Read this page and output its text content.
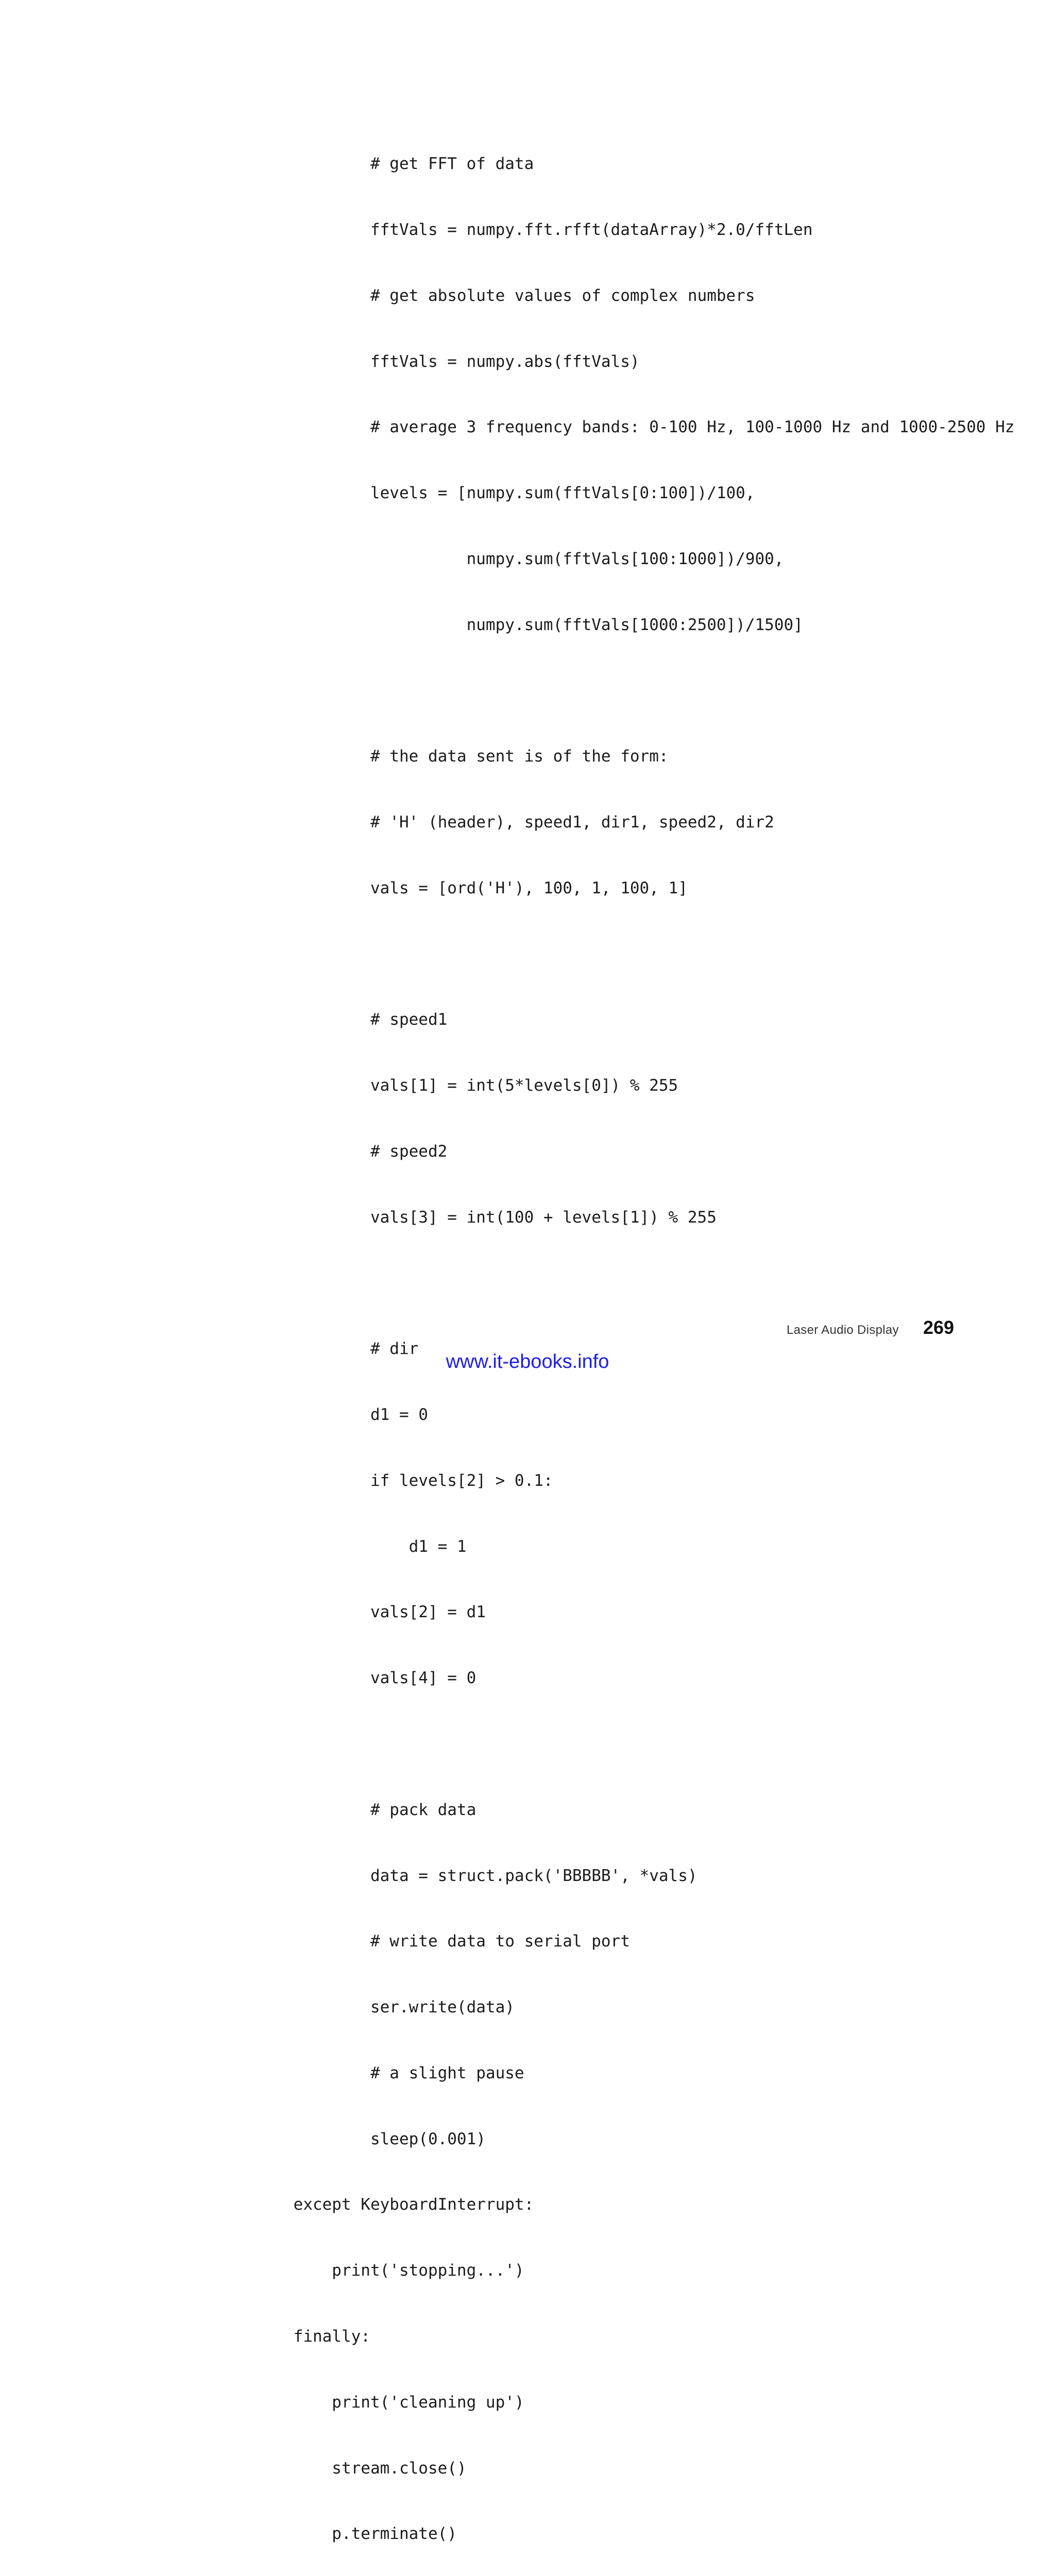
# get FFT of data

fftVals = numpy.fft.rfft(dataArray)*2.0/fftLen

# get absolute values of complex numbers

fftVals = numpy.abs(fftVals)

# average 3 frequency bands: 0-100 Hz, 100-1000 Hz and 1000-2500 Hz

levels = [numpy.sum(fftVals[0:100])/100,

numpy.sum(fftVals[100:1000])/900,

numpy.sum(fftVals[1000:2500])/1500]

# the data sent is of the form:

# 'H' (header), speed1, dir1, speed2, dir2

vals = [ord('H'), 100, 1, 100, 1]

# speed1

vals[1] = int(5*levels[0]) % 255

# speed2

vals[3] = int(100 + levels[1]) % 255

# dir

d1 = 0

if levels[2] > 0.1:

d1 = 1

vals[2] = d1

vals[4] = 0

# pack data

data = struct.pack('BBBBB', *vals)

# write data to serial port

ser.write(data)

# a slight pause

sleep(0.001)

except KeyboardInterrupt:

print('stopping...')

finally:

print('cleaning up')

stream.close()

p.terminate()

Laser Audio Display 269
www.it-ebooks.info
